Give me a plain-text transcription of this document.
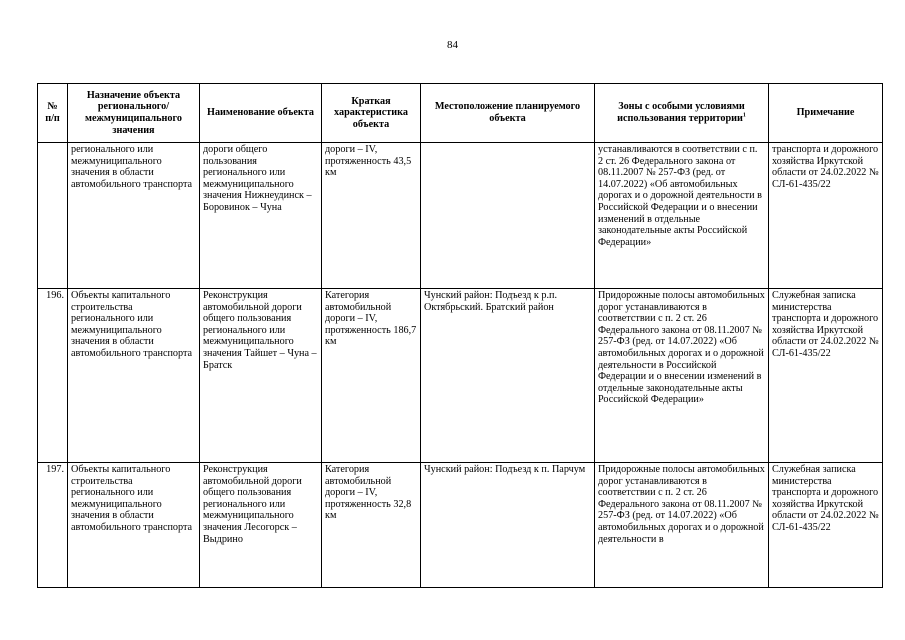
84
№
п/п	Назначение объекта регионального/ межмуниципального значения	Наименование объекта	Краткая характеристика объекта	Местоположение планируемого объекта	Зоны с особыми условиями использования территории$^1$	Примечание
	регионального или межмуниципального значения в области автомобильного транспорта	дороги общего пользования регионального или межмуниципального значения Нижнеудинск – Боровинок – Чуна	дороги – IV, протяженность 43,5 км		устанавливаются в соответствии с п. 2 ст. 26 Федерального закона от 08.11.2007 № 257-ФЗ (ред. от 14.07.2022) «Об автомобильных дорогах и о дорожной деятельности в Российской Федерации и о внесении изменений в отдельные законодательные акты Российской Федерации»	транспорта и дорожного хозяйства Иркутской области от 24.02.2022 № СЛ-61-435/22
196.	Объекты капитального строительства регионального или межмуниципального значения в области автомобильного транспорта	Реконструкция автомобильной дороги общего пользования регионального или межмуниципального значения Тайшет – Чуна – Братск	Категория автомобильной дороги – IV, протяженность 186,7 км	Чунский район: Подъезд к р.п. Октябрьский. Братский район	Придорожные полосы автомобильных дорог устанавливаются в соответствии с п. 2 ст. 26 Федерального закона от 08.11.2007 № 257-ФЗ (ред. от 14.07.2022) «Об автомобильных дорогах и о дорожной деятельности в Российской Федерации и о внесении изменений в отдельные законодательные акты Российской Федерации»	Служебная записка министерства транспорта и дорожного хозяйства Иркутской области от 24.02.2022 № СЛ-61-435/22
197.	Объекты капитального строительства регионального или межмуниципального значения в области автомобильного транспорта	Реконструкция автомобильной дороги общего пользования регионального или межмуниципального значения Лесогорск – Выдрино	Категория автомобильной дороги – IV, протяженность 32,8 км	Чунский район: Подъезд к п. Парчум	Придорожные полосы автомобильных дорог устанавливаются в соответствии с п. 2 ст. 26 Федерального закона от 08.11.2007 № 257-ФЗ (ред. от 14.07.2022) «Об автомобильных дорогах и о дорожной деятельности в	Служебная записка министерства транспорта и дорожного хозяйства Иркутской области от 24.02.2022 № СЛ-61-435/22
